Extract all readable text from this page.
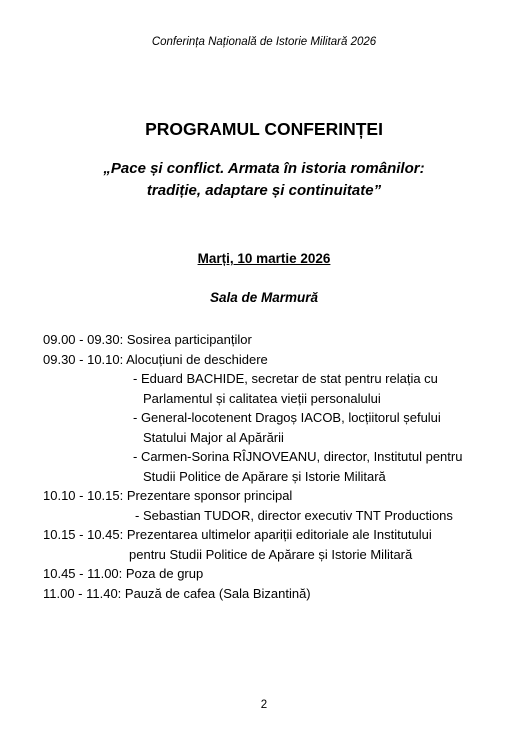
Conferința Națională de Istorie Militară 2026
PROGRAMUL CONFERINȚEI
„Pace și conflict. Armata în istoria românilor:
tradiție, adaptare și continuitate”
Marți, 10 martie 2026
Sala de Marmură
09.00 - 09.30: Sosirea participanților
09.30 - 10.10: Alocuțiuni de deschidere
- Eduard BACHIDE, secretar de stat pentru relația cu
Parlamentul și calitatea vieții personalului
- General-locotenent Dragoș IACOB, locțiitorul șefului
Statului Major al Apărării
- Carmen-Sorina RÎJNOVEANU, director, Institutul pentru
Studii Politice de Apărare și Istorie Militară
10.10 - 10.15: Prezentare sponsor principal
- Sebastian TUDOR, director executiv TNT Productions
10.15 - 10.45: Prezentarea ultimelor apariții editoriale ale Institutului
pentru Studii Politice de Apărare și Istorie Militară
10.45 - 11.00: Poza de grup
11.00 - 11.40: Pauză de cafea (Sala Bizantină)
2
